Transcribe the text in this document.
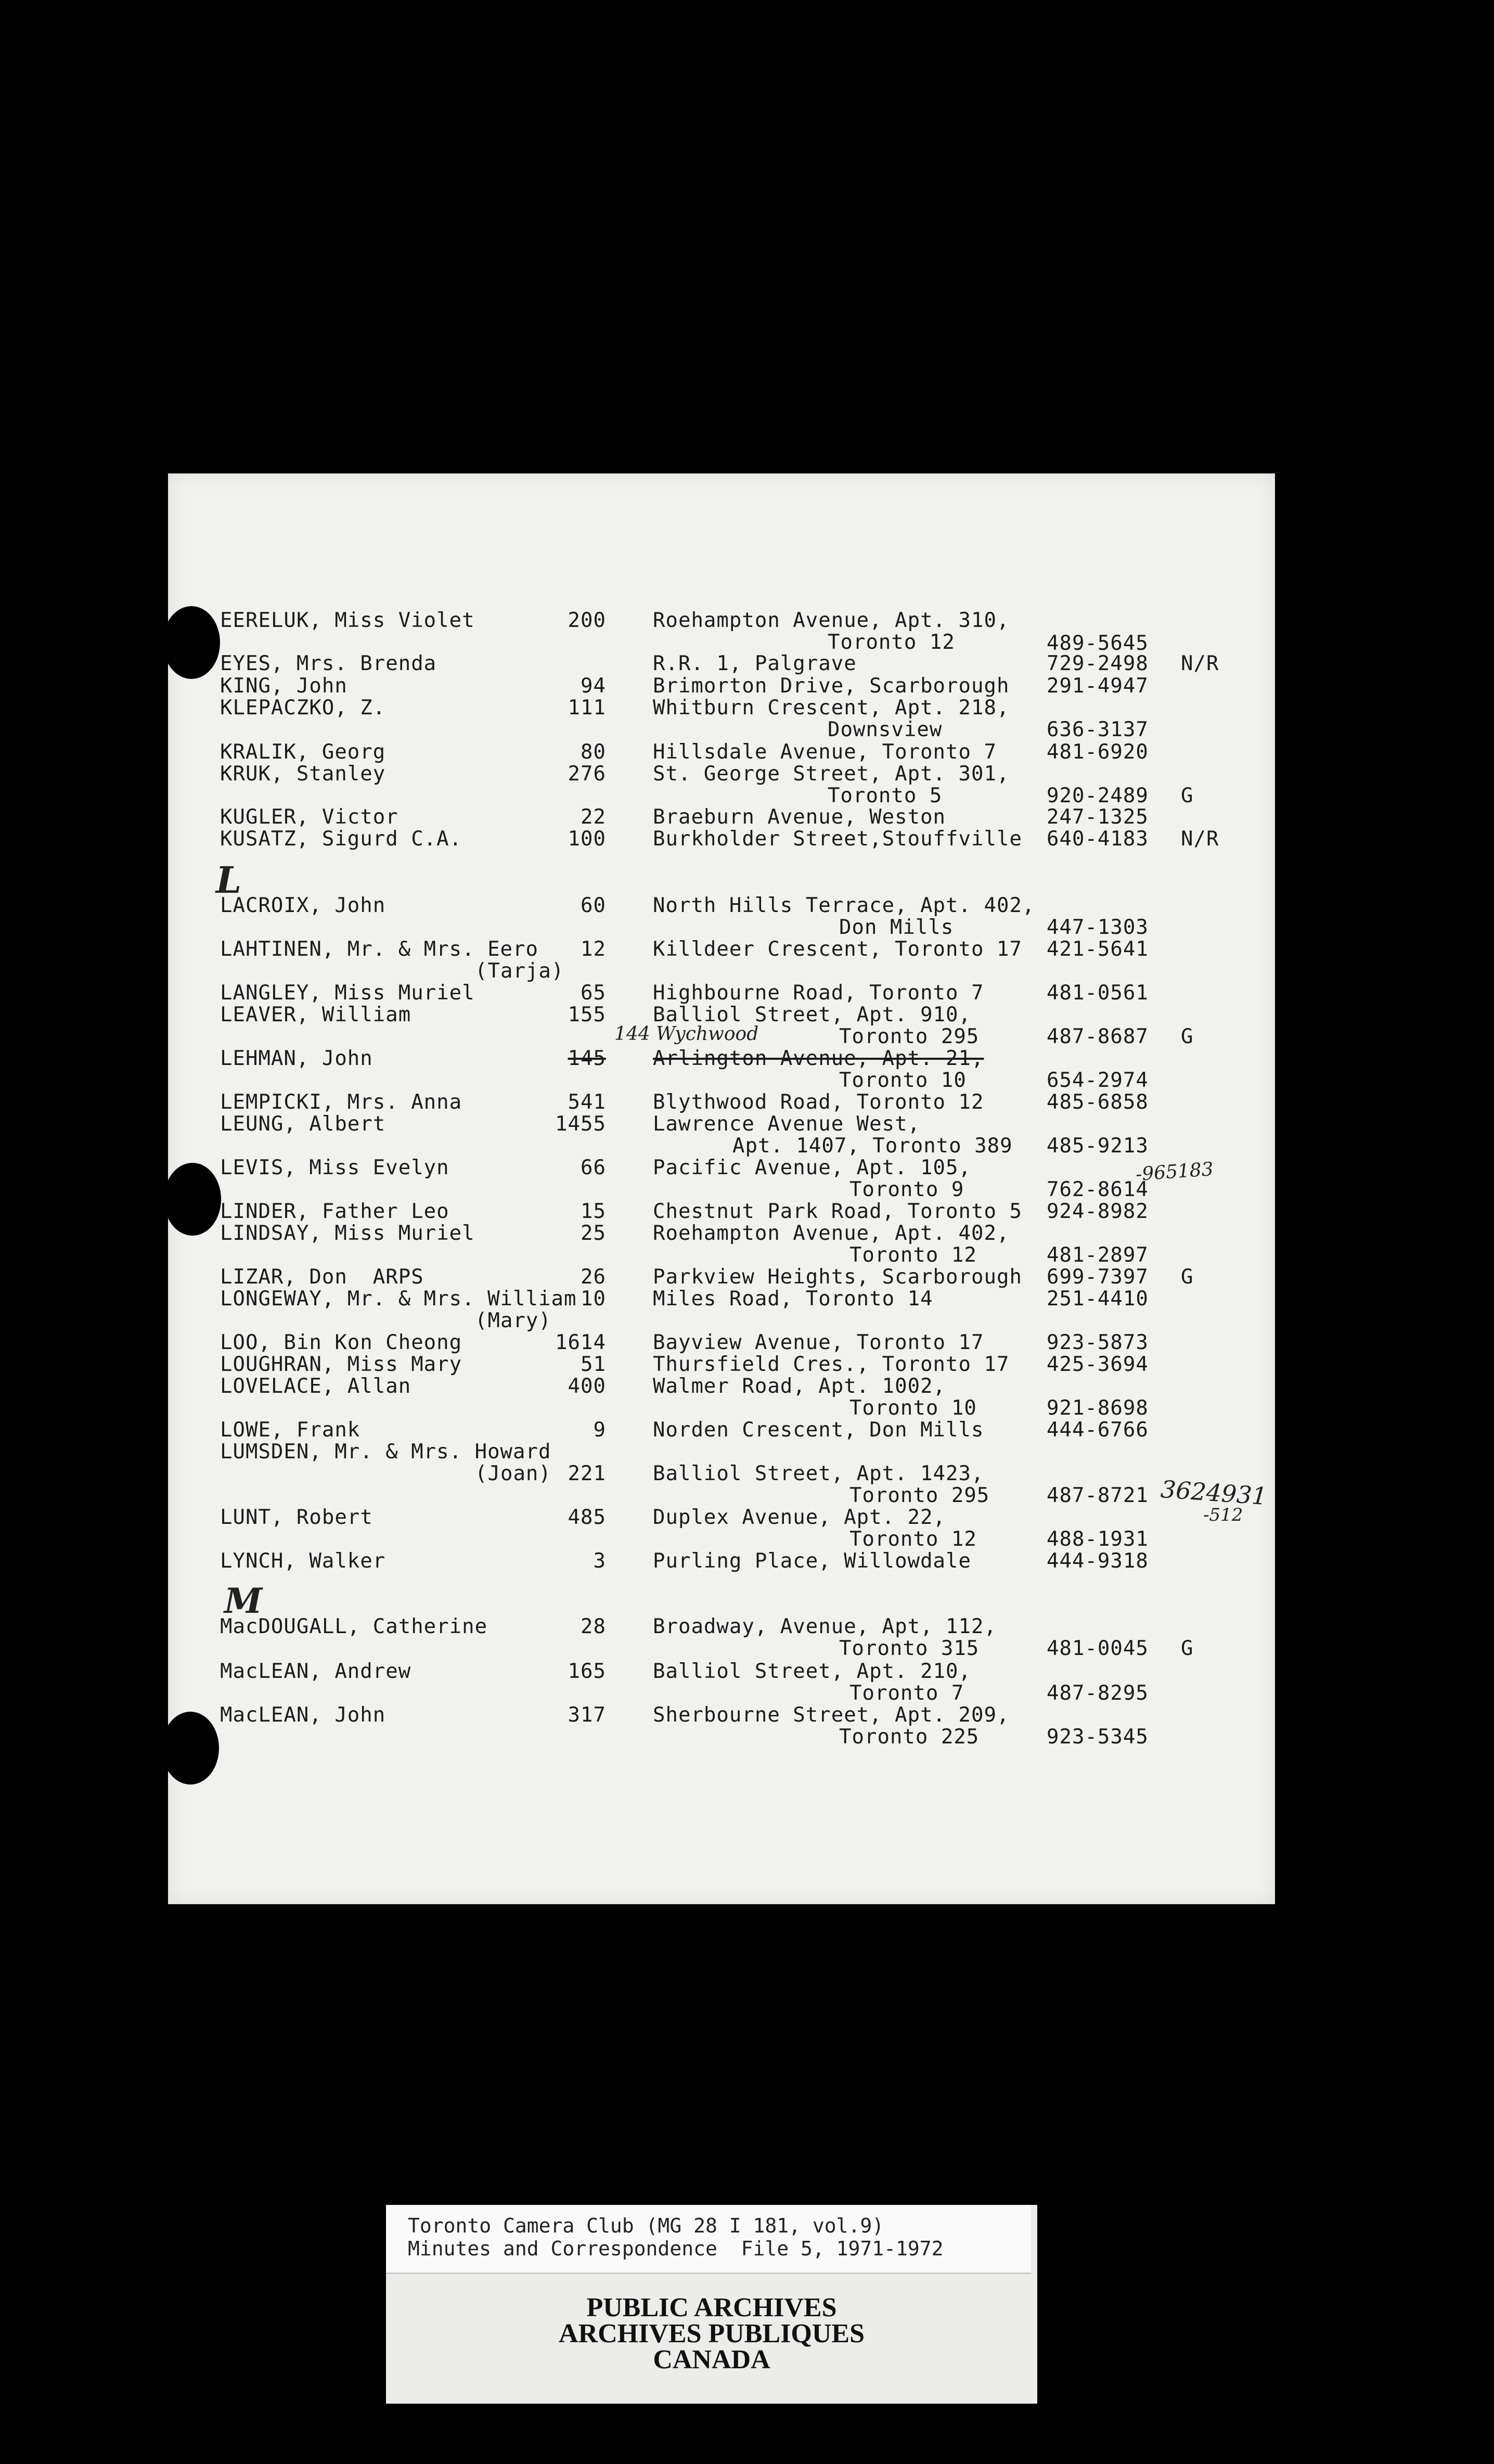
EERELUK, Miss Violet	200 Roehampton Avenue, Apt. 310,
Toronto 12	489-5645
EYES, Mrs. Brenda	R.R. 1, Palgrave	729-2498 N/R
KING, John	94 Brimorton Drive, Scarborough 291-4947
KLEPACZKO, Z.	111 Whitburn Crescent, Apt. 218,
Downsview	636-3137
KRALIK, Georg	80 Hillsdale Avenue, Toronto 7 481-6920
KRUK, Stanley	276 St. George Street, Apt. 301,
Toronto 5	920-2489 G
KUGLER, Victor	22 Braeburn Avenue, Weston	247-1325
KUSATZ, Sigurd C.A.	100 Burkholder Street,Stouffville 640-4183 N/R
L
LACROIX, John	60 North Hills Terrace, Apt. 402,
Don Mills	447-1303
LAHTINEN, Mr. & Mrs. Eero 12 Killdeer Crescent, Toronto 17 421-5641
(Tarja)
LANGLEY, Miss Muriel	65 Highbourne Road, Toronto 7	481-0561
LEAVER, William	155 Balliol Street, Apt. 910,
144 Wychwood	Toronto 295	487-8687 G
LEHMAN, John	145 Arlington Avenue, Apt. 21,
Toronto 10	654-2974
LEMPICKI, Mrs. Anna	541 Blythwood Road, Toronto 12	485-6858
LEUNG, Albert	1455 Lawrence Avenue West,
Apt. 1407, Toronto 389 485-9213
LEVIS, Miss Evelyn	66 Pacific Avenue, Apt. 105,
Toronto 9	762-8614
-965183
LINDER, Father Leo	15 Chestnut Park Road, Toronto 5 924-8982
LINDSAY, Miss Muriel	25 Roehampton Avenue, Apt. 402,
Toronto 12	481-2897
LIZAR, Don  ARPS	26 Parkview Heights, Scarborough 699-7397 G
LONGEWAY, Mr. & Mrs. William 10 Miles Road, Toronto 14	251-4410
(Mary)
LOO, Bin Kon Cheong	1614 Bayview Avenue, Toronto 17	923-5873
LOUGHRAN, Miss Mary	51 Thursfield Cres., Toronto 17 425-3694
LOVELACE, Allan	400 Walmer Road, Apt. 1002,
Toronto 10	921-8698
LOWE, Frank	9 Norden Crescent, Don Mills	444-6766
LUMSDEN, Mr. & Mrs. Howard
(Joan) 221 Balliol Street, Apt. 1423,
Toronto 295	487-8721 3624931
-512
LUNT, Robert	485 Duplex Avenue, Apt. 22,
Toronto 12	488-1931
LYNCH, Walker	3 Purling Place, Willowdale	444-9318
M
MacDOUGALL, Catherine	28 Broadway, Avenue, Apt, 112,
Toronto 315	481-0045 G
MacLEAN, Andrew	165 Balliol Street, Apt. 210,
Toronto 7	487-8295
MacLEAN, John	317 Sherbourne Street, Apt. 209,
Toronto 225	923-5345
Toronto Camera Club (MG 28 I 181, vol.9)
Minutes and Correspondence  File 5, 1971-1972
PUBLIC ARCHIVES
ARCHIVES PUBLIQUES
CANADA
